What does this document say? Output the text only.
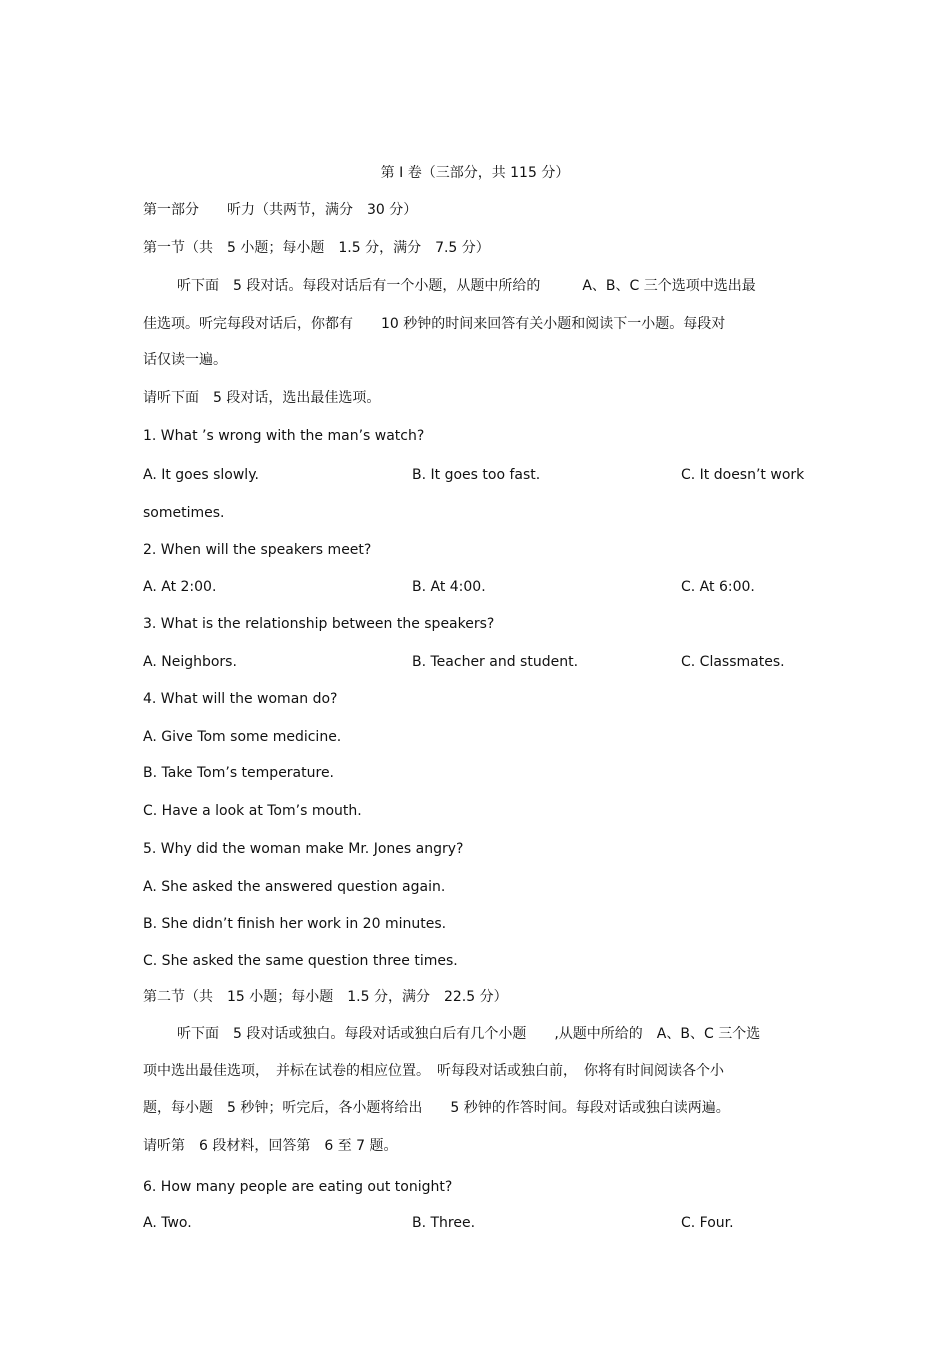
第 I 卷（三部分，共 115 分）
第一部分　　听力（共两节，满分　30 分）
第一节（共　5 小题；每小题　1.5 分，满分　7.5 分）
听下面　5 段对话。每段对话后有一个小题，从题中所给的　　　A、B、C 三个选项中选出最
佳选项。听完每段对话后，你都有　　10 秒钟的时间来回答有关小题和阅读下一小题。每段对
话仅读一遍。
请听下面　5 段对话，选出最佳选项。
1. What ’s wrong with the man’s watch?
A. It goes slowly.	B. It goes too fast.	C. It doesn’t work
sometimes.
2. When will the speakers meet?
A. At 2:00.	B. At 4:00.	C. At 6:00.
3. What is the relationship between the speakers?
A. Neighbors.	B. Teacher and student.	C. Classmates.
4. What will the woman do?
A. Give Tom some medicine.
B. Take Tom’s temperature.
C. Have a look at Tom’s mouth.
5. Why did the woman make Mr. Jones angry?
A. She asked the answered question again.
B. She didn’t finish her work in 20 minutes.
C. She asked the same question three times.
第二节（共　15 小题；每小题　1.5 分，满分　22.5 分）
听下面　5 段对话或独白。每段对话或独白后有几个小题　　,从题中所给的　A、B、C 三个选
项中选出最佳选项，　并标在试卷的相应位置。　听每段对话或独白前，　你将有时间阅读各个小
题，每小题　5 秒钟；听完后，各小题将给出　　5 秒钟的作答时间。每段对话或独白读两遍。
请听第　6 段材料，回答第　6 至 7 题。
6. How many people are eating out tonight?
A. Two.	B. Three.	C. Four.
